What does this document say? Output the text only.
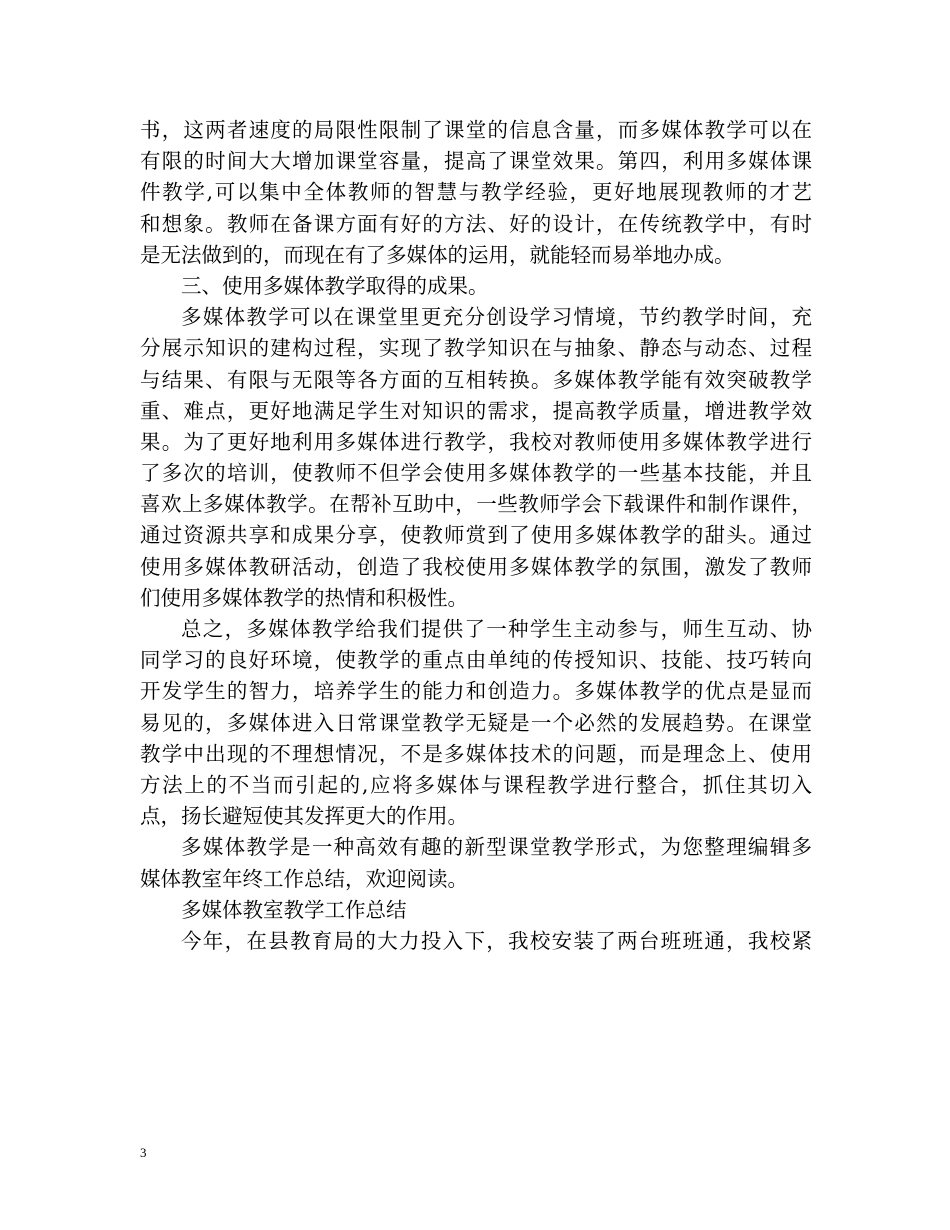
书，这两者速度的局限性限制了课堂的信息含量，而多媒体教学可以在
有限的时间大大增加课堂容量，提高了课堂效果。第四，利用多媒体课
件教学,可以集中全体教师的智慧与教学经验，更好地展现教师的才艺
和想象。教师在备课方面有好的方法、好的设计，在传统教学中，有时
是无法做到的，而现在有了多媒体的运用，就能轻而易举地办成。
三、使用多媒体教学取得的成果。
多媒体教学可以在课堂里更充分创设学习情境，节约教学时间，充
分展示知识的建构过程，实现了教学知识在与抽象、静态与动态、过程
与结果、有限与无限等各方面的互相转换。多媒体教学能有效突破教学
重、难点，更好地满足学生对知识的需求，提高教学质量，增进教学效
果。为了更好地利用多媒体进行教学，我校对教师使用多媒体教学进行
了多次的培训，使教师不但学会使用多媒体教学的一些基本技能，并且
喜欢上多媒体教学。在帮补互助中，一些教师学会下载课件和制作课件，
通过资源共享和成果分享，使教师赏到了使用多媒体教学的甜头。通过
使用多媒体教研活动，创造了我校使用多媒体教学的氛围，激发了教师
们使用多媒体教学的热情和积极性。
总之，多媒体教学给我们提供了一种学生主动参与，师生互动、协
同学习的良好环境，使教学的重点由单纯的传授知识、技能、技巧转向
开发学生的智力，培养学生的能力和创造力。多媒体教学的优点是显而
易见的，多媒体进入日常课堂教学无疑是一个必然的发展趋势。在课堂
教学中出现的不理想情况，不是多媒体技术的问题，而是理念上、使用
方法上的不当而引起的,应将多媒体与课程教学进行整合，抓住其切入
点，扬长避短使其发挥更大的作用。
多媒体教学是一种高效有趣的新型课堂教学形式，为您整理编辑多
媒体教室年终工作总结，欢迎阅读。
多媒体教室教学工作总结
今年，在县教育局的大力投入下，我校安装了两台班班通，我校紧
3
